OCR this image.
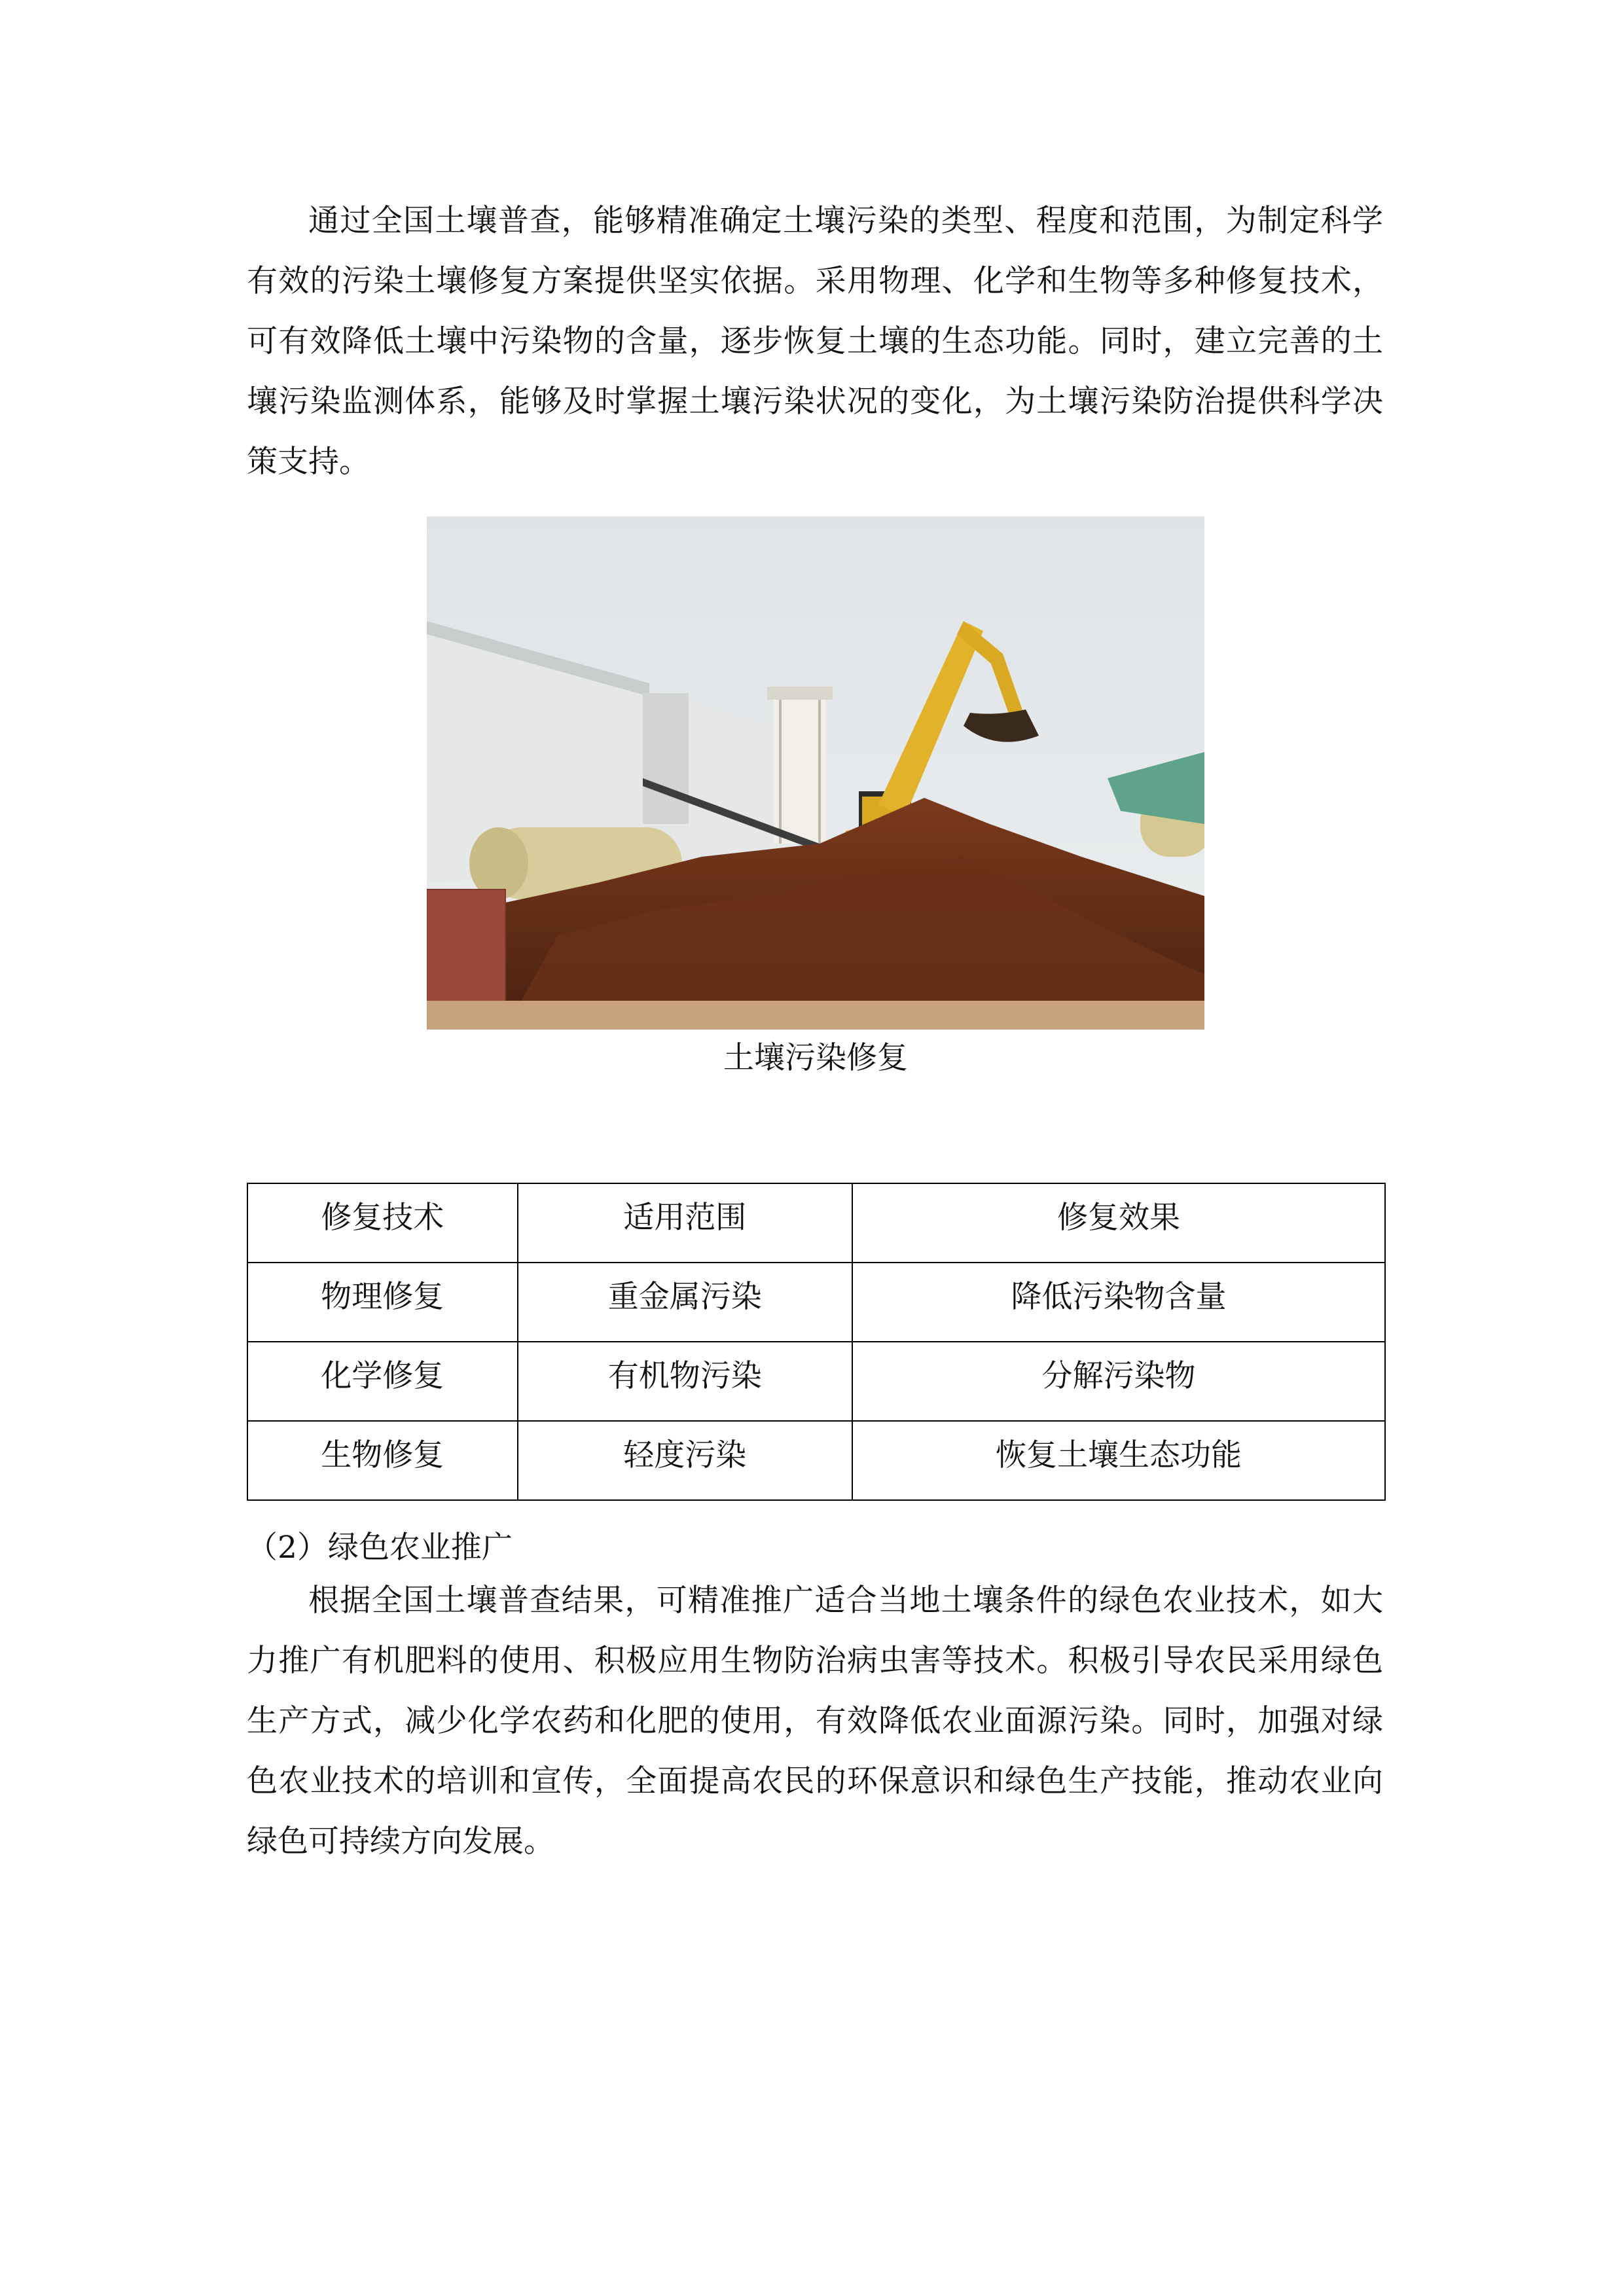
通过全国土壤普查，能够精准确定土壤污染的类型、程度和范围，为制定科学有效的污染土壤修复方案提供坚实依据。采用物理、化学和生物等多种修复技术，可有效降低土壤中污染物的含量，逐步恢复土壤的生态功能。同时，建立完善的土壤污染监测体系，能够及时掌握土壤污染状况的变化，为土壤污染防治提供科学决策支持。

土壤污染修复
修复技术	适用范围	修复效果
物理修复	重金属污染	降低污染物含量
化学修复	有机物污染	分解污染物
生物修复	轻度污染	恢复土壤生态功能
（2）绿色农业推广

根据全国土壤普查结果，可精准推广适合当地土壤条件的绿色农业技术，如大力推广有机肥料的使用、积极应用生物防治病虫害等技术。积极引导农民采用绿色生产方式，减少化学农药和化肥的使用，有效降低农业面源污染。同时，加强对绿色农业技术的培训和宣传，全面提高农民的环保意识和绿色生产技能，推动农业向绿色可持续方向发展。
